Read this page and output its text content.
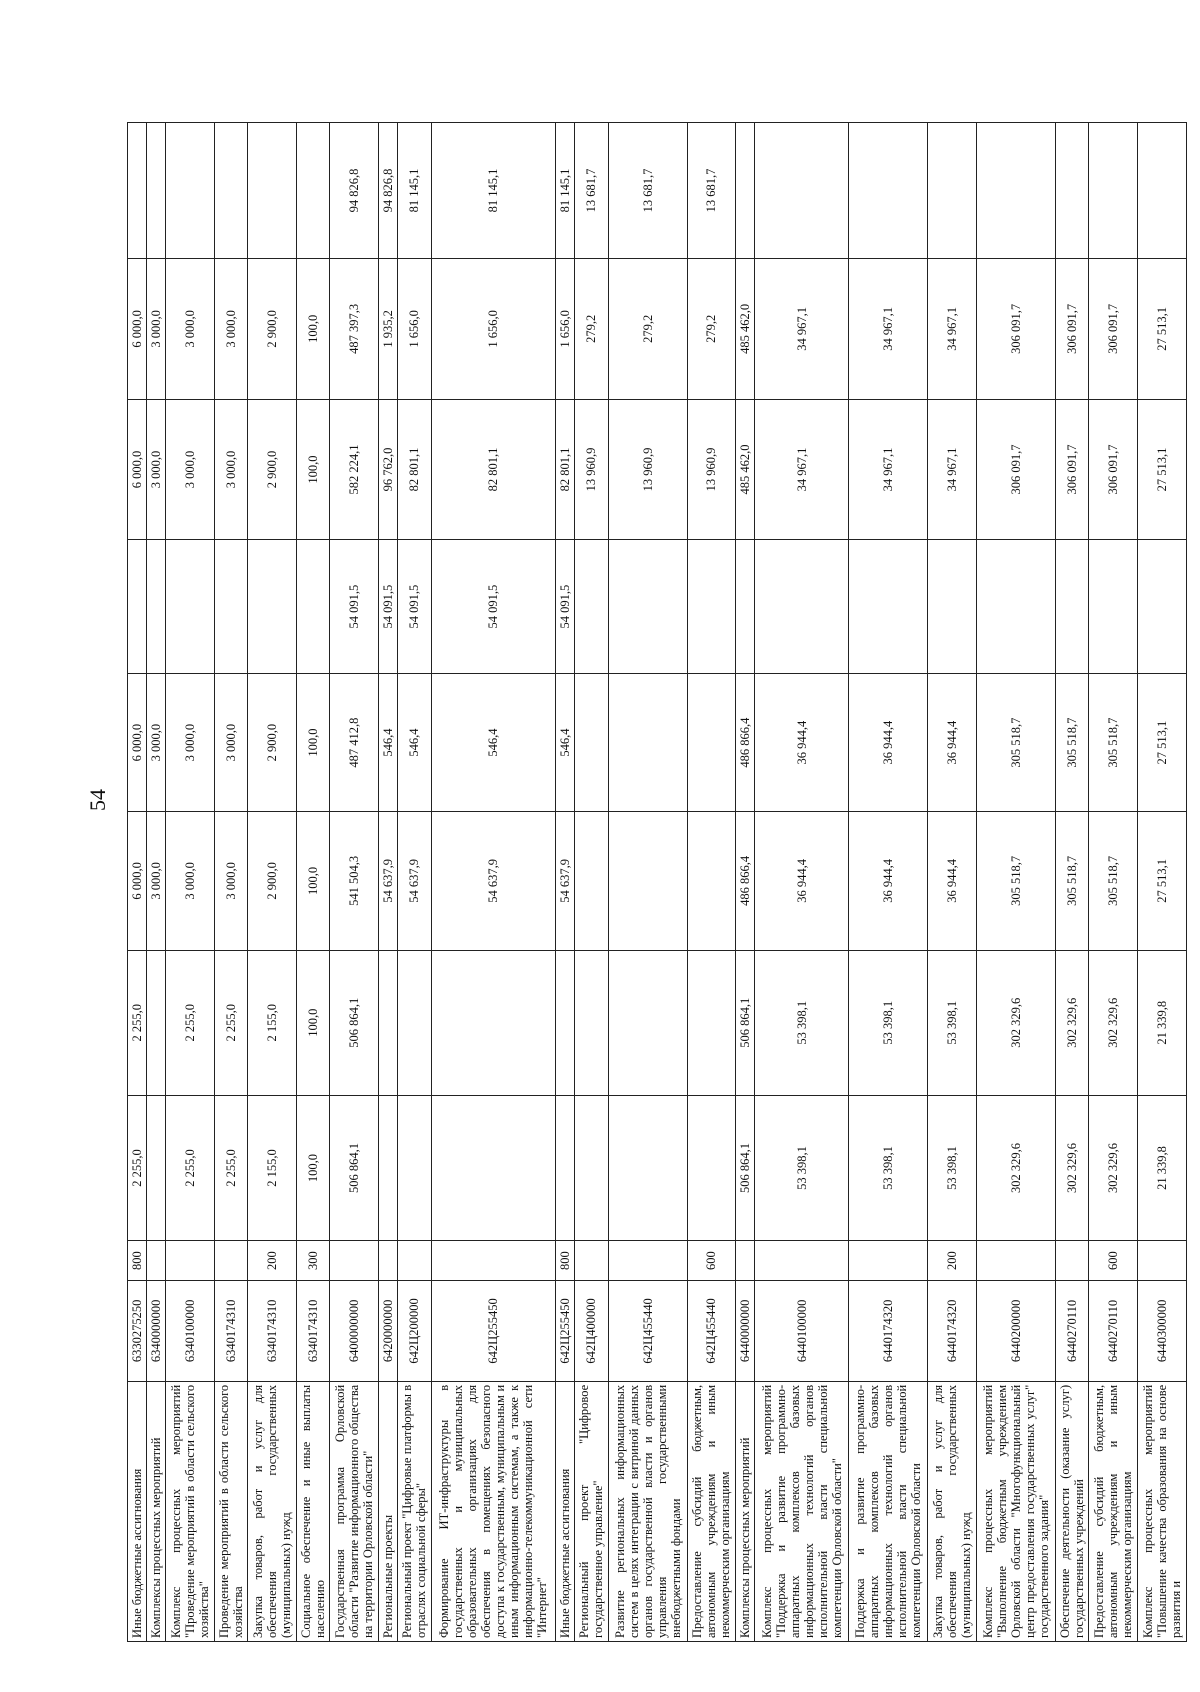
54
Иные бюджетные ассигнования	6330275250	800	2 255,0	2 255,0	6 000,0	6 000,0		6 000,0	6 000,0	
Комплексы процессных мероприятий	6340000000				3 000,0	3 000,0		3 000,0	3 000,0	
Комплекс процессных мероприятий "Проведение мероприятий в области сельского хозяйства"	6340100000		2 255,0	2 255,0	3 000,0	3 000,0		3 000,0	3 000,0	
Проведение мероприятий в области сельского хозяйства	6340174310		2 255,0	2 255,0	3 000,0	3 000,0		3 000,0	3 000,0	
Закупка товаров, работ и услуг для обеспечения государственных (муниципальных) нужд	6340174310	200	2 155,0	2 155,0	2 900,0	2 900,0		2 900,0	2 900,0	
Социальное обеспечение и иные выплаты населению	6340174310	300	100,0	100,0	100,0	100,0		100,0	100,0	
Государственная программа Орловской области "Развитие информационного общества на территории Орловской области"	6400000000		506 864,1	506 864,1	541 504,3	487 412,8	54 091,5	582 224,1	487 397,3	94 826,8
Региональные проекты	6420000000				54 637,9	546,4	54 091,5	96 762,0	1 935,2	94 826,8
Региональный проект "Цифровые платформы в отраслях социальной сферы"	642Ц200000				54 637,9	546,4	54 091,5	82 801,1	1 656,0	81 145,1
Формирование ИТ-инфраструктуры в государственных и муниципальных образовательных организациях для обеспечения в помещениях безопасного доступа к государственным, муниципальным и иным информационным системам, а также к информационно-телекоммуникационной сети "Интернет"	642Ц255450				54 637,9	546,4	54 091,5	82 801,1	1 656,0	81 145,1
Иные бюджетные ассигнования	642Ц255450	800			54 637,9	546,4	54 091,5	82 801,1	1 656,0	81 145,1
Региональный проект "Цифровое государственное управление"	642Ц400000							13 960,9	279,2	13 681,7
Развитие региональных информационных систем в целях интеграции с витриной данных органов государственной власти и органов управления государственными внебюджетными фондами	642Ц455440							13 960,9	279,2	13 681,7
Предоставление субсидий бюджетным, автономным учреждениям и иным некоммерческим организациям	642Ц455440	600						13 960,9	279,2	13 681,7
Комплексы процессных мероприятий	6440000000		506 864,1	506 864,1	486 866,4	486 866,4		485 462,0	485 462,0	
Комплекс процессных мероприятий "Поддержка и развитие программно-аппаратных комплексов базовых информационных технологий органов исполнительной власти специальной компетенции Орловской области"	6440100000		53 398,1	53 398,1	36 944,4	36 944,4		34 967,1	34 967,1	
Поддержка и развитие программно-аппаратных комплексов базовых информационных технологий органов исполнительной власти специальной компетенции Орловской области	6440174320		53 398,1	53 398,1	36 944,4	36 944,4		34 967,1	34 967,1	
Закупка товаров, работ и услуг для обеспечения государственных (муниципальных) нужд	6440174320	200	53 398,1	53 398,1	36 944,4	36 944,4		34 967,1	34 967,1	
Комплекс процессных мероприятий "Выполнение бюджетным учреждением Орловской области "Многофункциональный центр предоставления государственных услуг" государственного задания"	6440200000		302 329,6	302 329,6	305 518,7	305 518,7		306 091,7	306 091,7	
Обеспечение деятельности (оказание услуг) государственных учреждений	6440270110		302 329,6	302 329,6	305 518,7	305 518,7		306 091,7	306 091,7	
Предоставление субсидий бюджетным, автономным учреждениям и иным некоммерческим организациям	6440270110	600	302 329,6	302 329,6	305 518,7	305 518,7		306 091,7	306 091,7	
Комплекс процессных мероприятий "Повышение качества образования на основе развития и	6440300000		21 339,8	21 339,8	27 513,1	27 513,1		27 513,1	27 513,1	
